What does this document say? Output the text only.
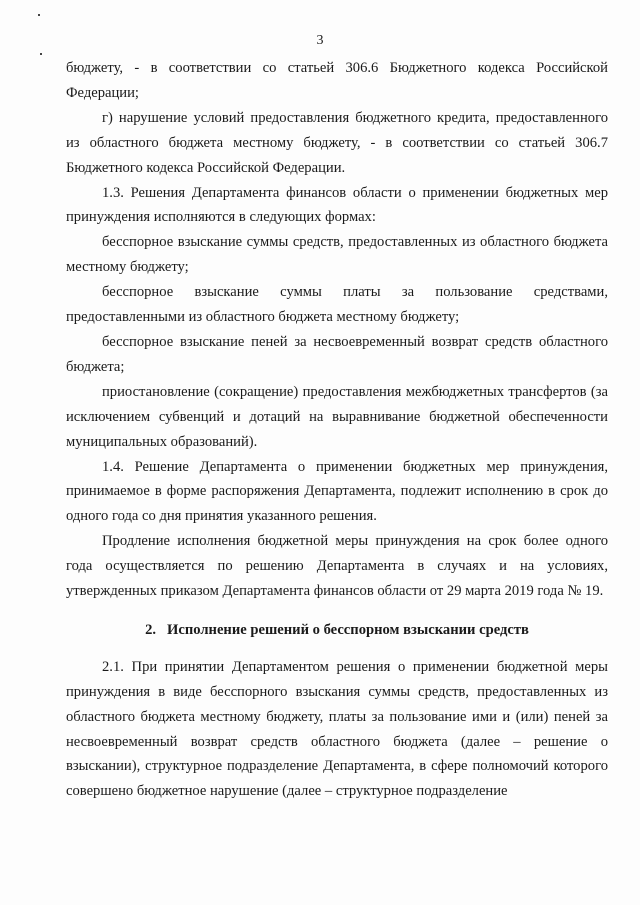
3

бюджету, - в соответствии со статьей 306.6 Бюджетного кодекса Российской Федерации;

г) нарушение условий предоставления бюджетного кредита, предоставленного из областного бюджета местному бюджету, - в соответствии со статьей 306.7 Бюджетного кодекса Российской Федерации.

1.3. Решения Департамента финансов области о применении бюджетных мер принуждения исполняются в следующих формах:

бесспорное взыскание суммы средств, предоставленных из областного бюджета местному бюджету;

бесспорное взыскание суммы платы за пользование средствами, предоставленными из областного бюджета местному бюджету;

бесспорное взыскание пеней за несвоевременный возврат средств областного бюджета;

приостановление (сокращение) предоставления межбюджетных трансфертов (за исключением субвенций и дотаций на выравнивание бюджетной обеспеченности муниципальных образований).

1.4. Решение Департамента о применении бюджетных мер принуждения, принимаемое в форме распоряжения Департамента, подлежит исполнению в срок до одного года со дня принятия указанного решения.

Продление исполнения бюджетной меры принуждения на срок более одного года осуществляется по решению Департамента в случаях и на условиях, утвержденных приказом Департамента финансов области от 29 марта 2019 года № 19.

2. Исполнение решений о бесспорном взыскании средств

2.1. При принятии Департаментом решения о применении бюджетной меры принуждения в виде бесспорного взыскания суммы средств, предоставленных из областного бюджета местному бюджету, платы за пользование ими и (или) пеней за несвоевременный возврат средств областного бюджета (далее – решение о взыскании), структурное подразделение Департамента, в сфере полномочий которого совершено бюджетное нарушение (далее – структурное подразделение
